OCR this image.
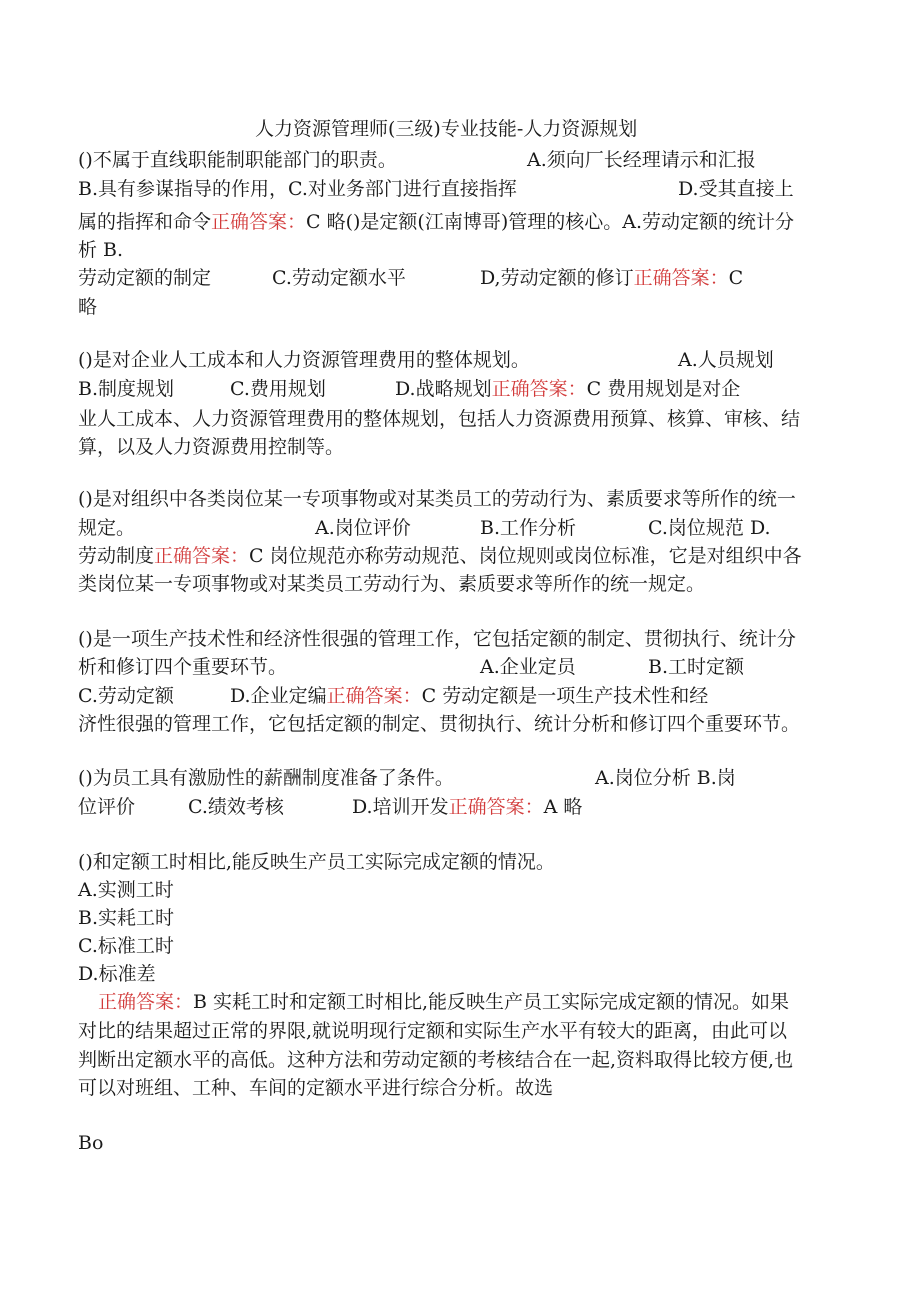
人力资源管理师(三级)专业技能-人力资源规划
()不属于直线职能制职能部门的职责。	A.须向厂长经理请示和汇报
B.具有参谋指导的作用，C.对业务部门进行直接指挥	D.受其直接上
属的指挥和命令正确答案：C 略()是定额(江南博哥)管理的核心。A.劳动定额的统计分
析 B.
劳动定额的制定	C.劳动定额水平	D,劳动定额的修订正确答案：C
略
()是对企业人工成本和人力资源管理费用的整体规划。	A.人员规划
B.制度规划	C.费用规划	D.战略规划正确答案：C 费用规划是对企
业人工成本、人力资源管理费用的整体规划，包括人力资源费用预算、核算、审核、结
算，以及人力资源费用控制等。
()是对组织中各类岗位某一专项事物或对某类员工的劳动行为、素质要求等所作的统一
规定。	A.岗位评价	B.工作分析	C.岗位规范 D.
劳动制度正确答案：C 岗位规范亦称劳动规范、岗位规则或岗位标准，它是对组织中各
类岗位某一专项事物或对某类员工劳动行为、素质要求等所作的统一规定。
()是一项生产技术性和经济性很强的管理工作，它包括定额的制定、贯彻执行、统计分
析和修订四个重要环节。	A.企业定员	B.工时定额
C.劳动定额	D.企业定编正确答案：C 劳动定额是一项生产技术性和经
济性很强的管理工作，它包括定额的制定、贯彻执行、统计分析和修订四个重要环节。
()为员工具有激励性的薪酬制度准备了条件。	A.岗位分析 B.岗
位评价	C.绩效考核	D.培训开发正确答案：A 略
()和定额工时相比,能反映生产员工实际完成定额的情况。
A.实测工时
B.实耗工时
C.标准工时
D.标准差
正确答案：B 实耗工时和定额工时相比,能反映生产员工实际完成定额的情况。如果
对比的结果超过正常的界限,就说明现行定额和实际生产水平有较大的距离，由此可以
判断出定额水平的高低。这种方法和劳动定额的考核结合在一起,资料取得比较方便,也
可以对班组、工种、车间的定额水平进行综合分析。故选
Bo
